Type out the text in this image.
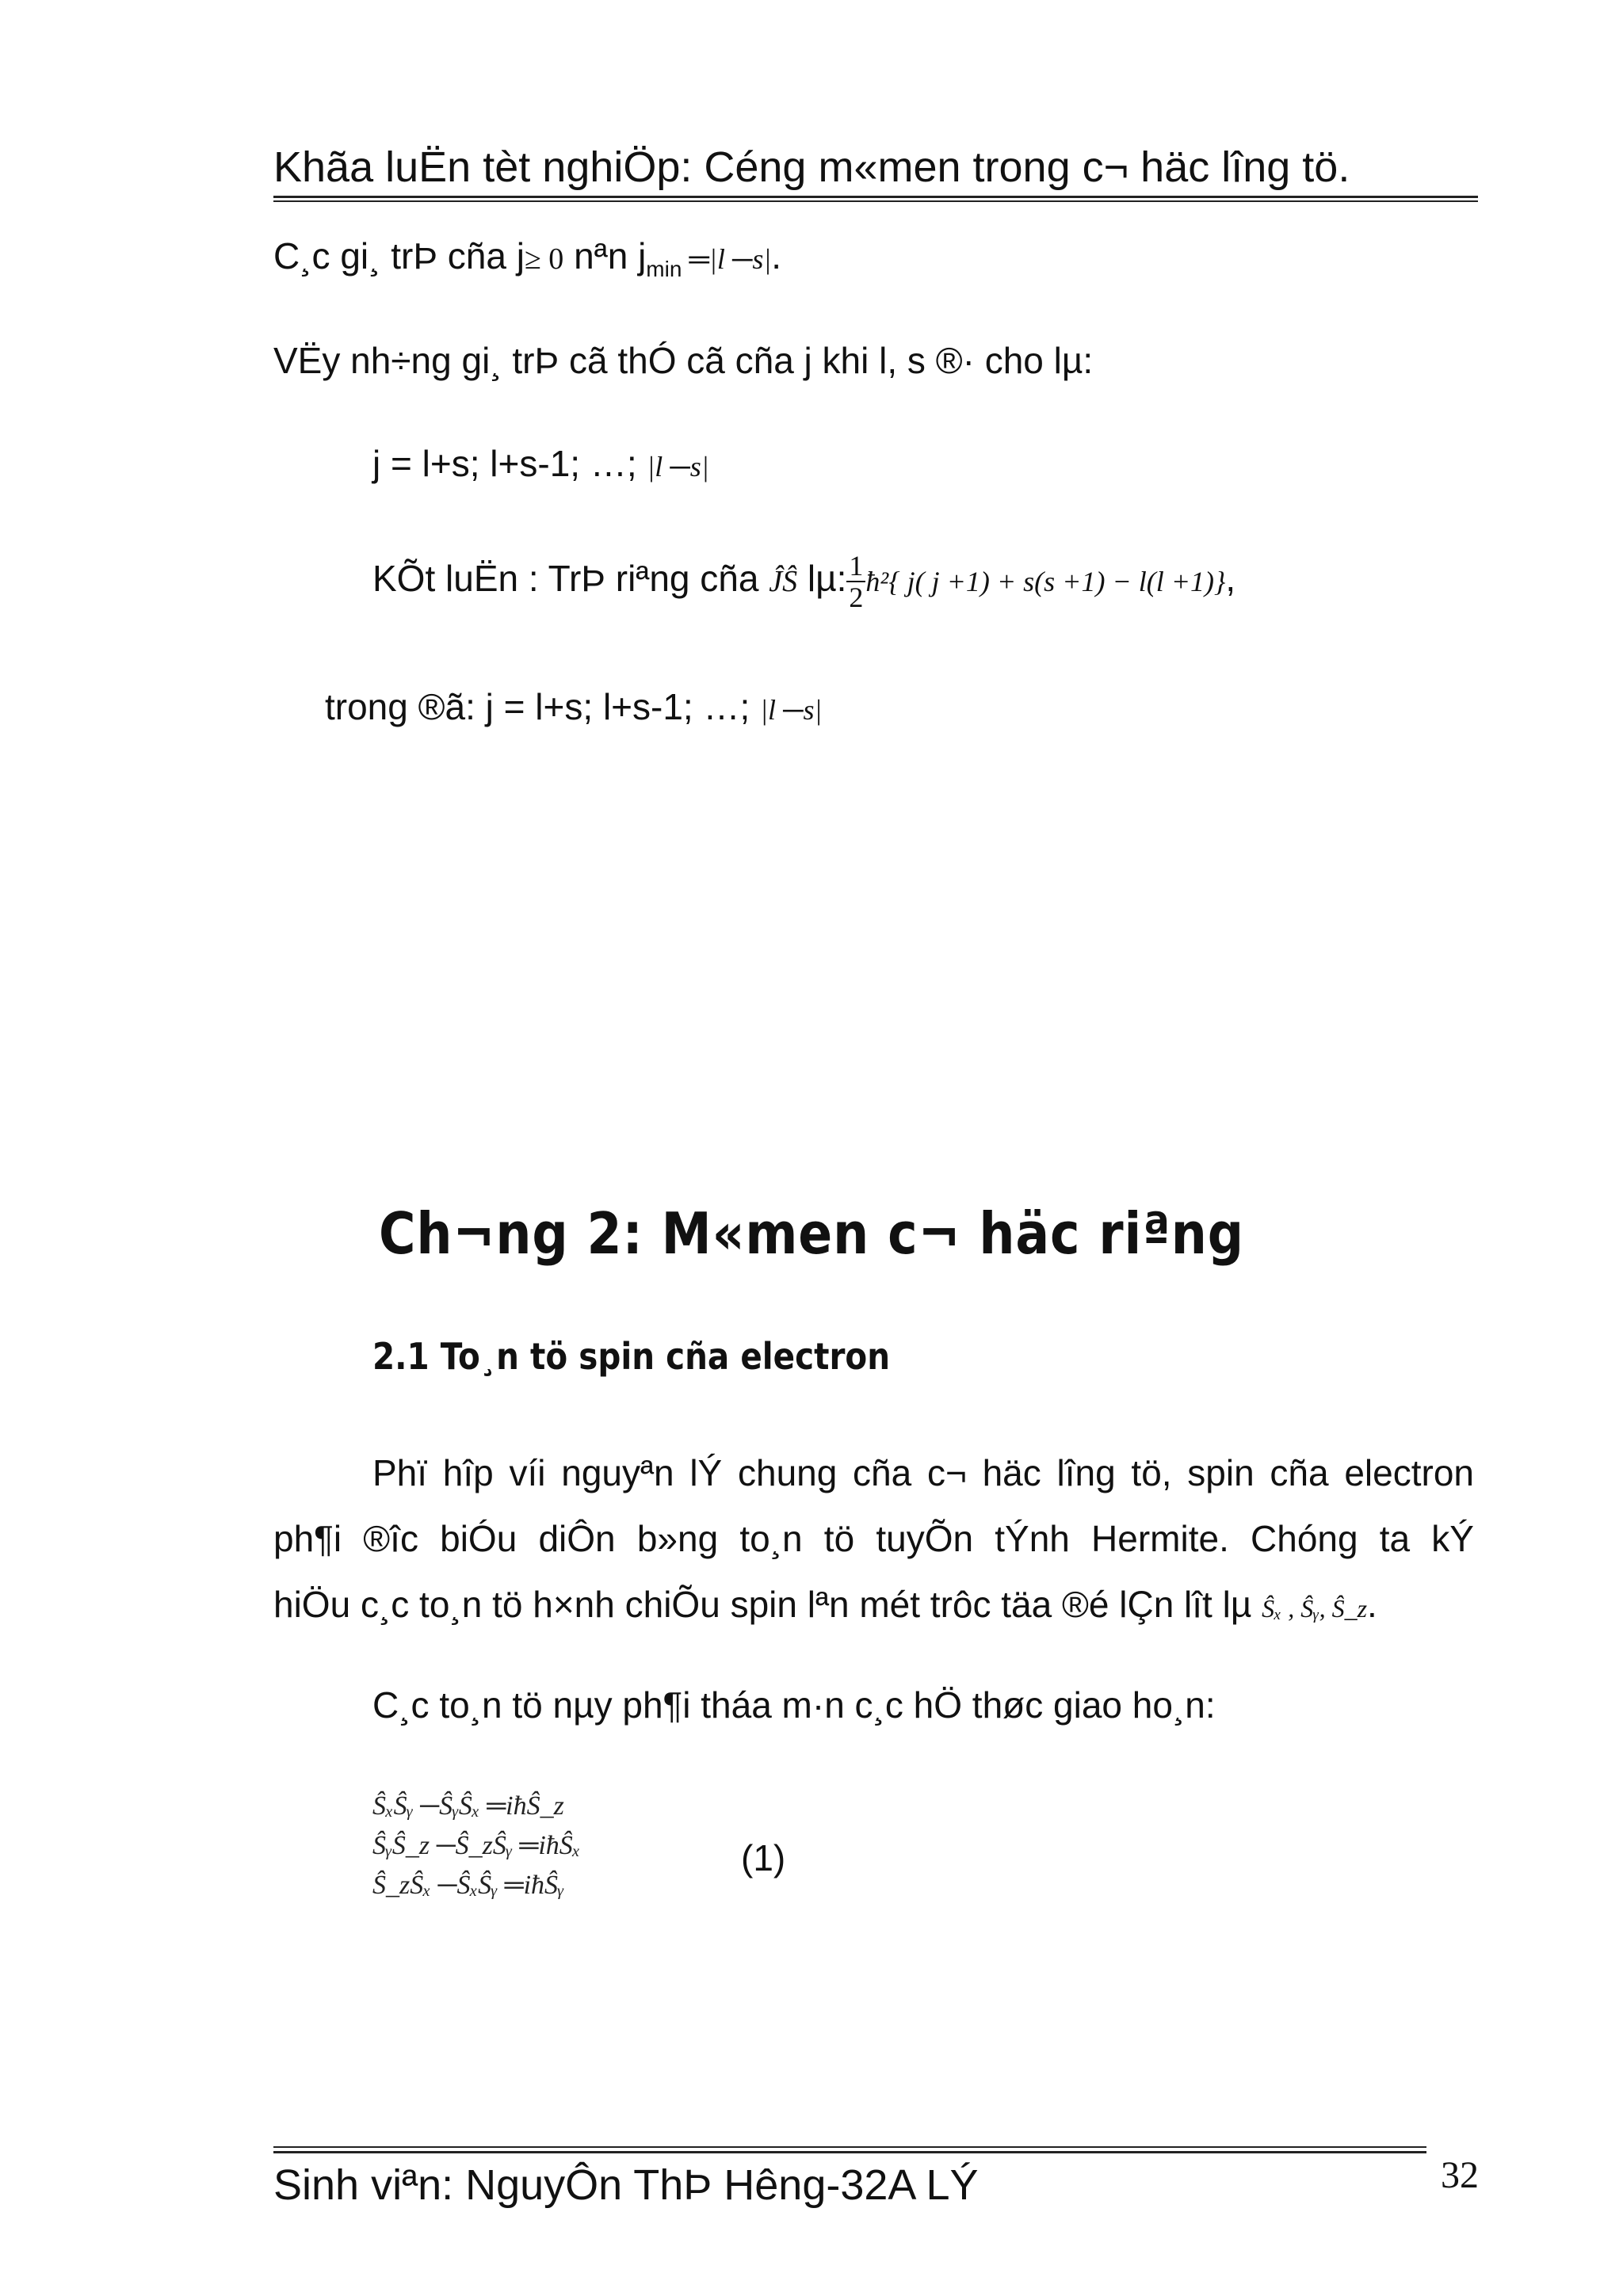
Khãa luËn tèt nghiÖp: Céng m«men trong c¬ häc lîng tö.
C¸c gi¸ trÞ cña j≥ 0 nªn $j_{min}$ ═|l ─s|.
VËy nh÷ng gi¸ trÞ cã thÓ cã cña j khi l, s ®· cho lµ:
j = l+s; l+s-1; …; |l ─s|
KÕt luËn : TrÞ riªng cña ĴŜ lµ: $\frac{1}{2}$ ħ²{ j( j +1) + s(s +1) − l(l +1)},
trong ®ã: j = l+s; l+s-1; …; |l ─s|
Ch¬ng 2: M«men c¬ häc riªng
2.1 To¸n tö spin cña electron
Phï hîp víi nguyªn lÝ chung cña c¬ häc lîng tö, spin cña electron
ph¶i ®îc biÓu diÔn b»ng to¸n tö tuyÕn tÝnh Hermite. Chóng ta kÝ
hiÖu c¸c to¸n tö h×nh chiÕu spin lªn mét trôc täa ®é lÇn lît lµ Ŝₓ , Ŝᵧ, Ŝ_z.
C¸c to¸n tö nµy ph¶i tháa m·n c¸c hÖ thøc giao ho¸n:
ŜₓŜᵧ ─ŜᵧŜₓ ═iħŜ_z
ŜᵧŜ_z ─Ŝ_zŜᵧ ═iħŜₓ
Ŝ_zŜₓ ─ŜₓŜᵧ ═iħŜᵧ
(1)
Sinh viªn: NguyÔn ThÞ Hêng-32A LÝ	32
